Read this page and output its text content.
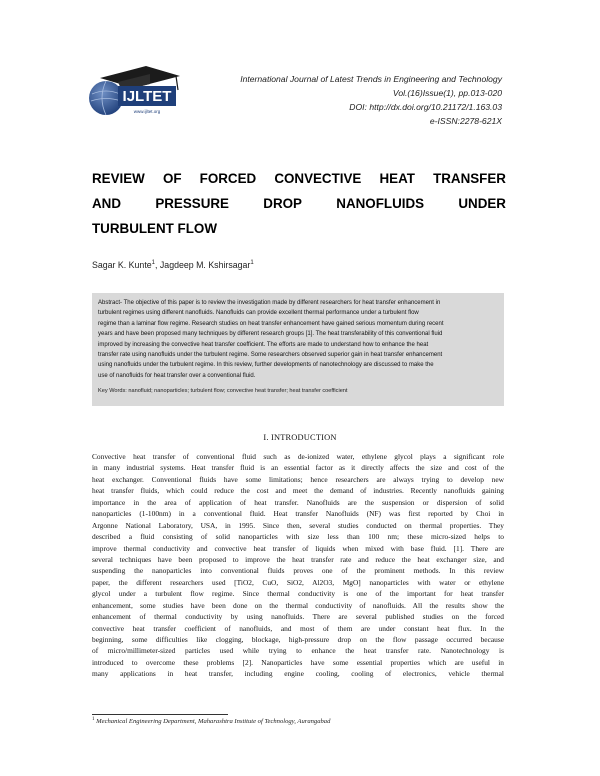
IJLTET
www.ijltet.org
International Journal of Latest Trends in Engineering and Technology
Vol.(16)Issue(1), pp.013-020
DOI: http://dx.doi.org/10.21172/1.163.03
e-ISSN:2278-621X
REVIEW OF FORCED CONVECTIVE HEAT TRANSFER
AND	PRESSURE	DROP	NANOFLUIDS	UNDER
TURBULENT FLOW
Sagar K. Kunte$^1$, Jagdeep M. Kshirsagar$^1$
Abstract- The objective of this paper is to review the investigation made by different researchers for heat transfer enhancement in
turbulent regimes using different nanofluids. Nanofluids can provide excellent thermal performance under a turbulent flow
regime than a laminar flow regime. Research studies on heat transfer enhancement have gained serious momentum during recent
years and have been proposed many techniques by different research groups [1]. The heat transferability of this conventional fluid
improved by increasing the convective heat transfer coefficient. The efforts are made to understand how to enhance the heat
transfer rate using nanofluids under the turbulent regime. Some researchers observed superior gain in heat transfer enhancement
using nanofluids under the turbulent regime. In this review, further developments of nanotechnology are discussed to make the
use of nanofluids for heat transfer over a conventional fluid.
Key Words: nanofluid; nanoparticles; turbulent flow; convective heat transfer; heat transfer coefficient
I. INTRODUCTION
Convective heat transfer of conventional fluid such as de-ionized water, ethylene glycol plays a significant role
in many industrial systems. Heat transfer fluid is an essential factor as it directly affects the size and cost of the
heat exchanger. Conventional fluids have some limitations; hence researchers are always trying to develop new
heat transfer fluids, which could reduce the cost and meet the demand of industries. Recently nanofluids gaining
importance in the area of application of heat transfer. Nanofluids are the suspension or dispersion of solid
nanoparticles (1-100nm) in a conventional fluid. Heat transfer Nanofluids (NF) was first reported by Choi in
Argonne National Laboratory, USA, in 1995. Since then, several studies conducted on thermal properties. They
described a fluid consisting of solid nanoparticles with size less than 100 nm; these micro-sized helps to
improve thermal conductivity and convective heat transfer of liquids when mixed with base fluid. [1]. There are
several techniques have been proposed to improve the heat transfer rate and reduce the heat exchanger size, and
suspending the nanoparticles into conventional fluids proves one of the prominent methods. In this review
paper, the different researchers used [TiO2, CuO, SiO2, Al2O3, MgO] nanoparticles with water or ethylene
glycol under a turbulent flow regime. Since thermal conductivity is one of the important for heat transfer
enhancement, some studies have been done on the thermal conductivity of nanofluids. All the results show the
enhancement of thermal conductivity by using nanofluids. There are several published studies on the forced
convective heat transfer coefficient of nanofluids, and most of them are under constant heat flux. In the
beginning, some difficulties like clogging, blockage, high-pressure drop on the flow passage occurred because
of micro/millimeter-sized particles used while trying to enhance the heat transfer rate. Nanotechnology is
introduced to overcome these problems [2]. Nanoparticles have some essential properties which are useful in
many applications in heat transfer, including engine cooling, cooling of electronics, vehicle thermal
$^1$ Mechanical Engineering Department, Maharashtra Institute of Technology, Aurangabad
